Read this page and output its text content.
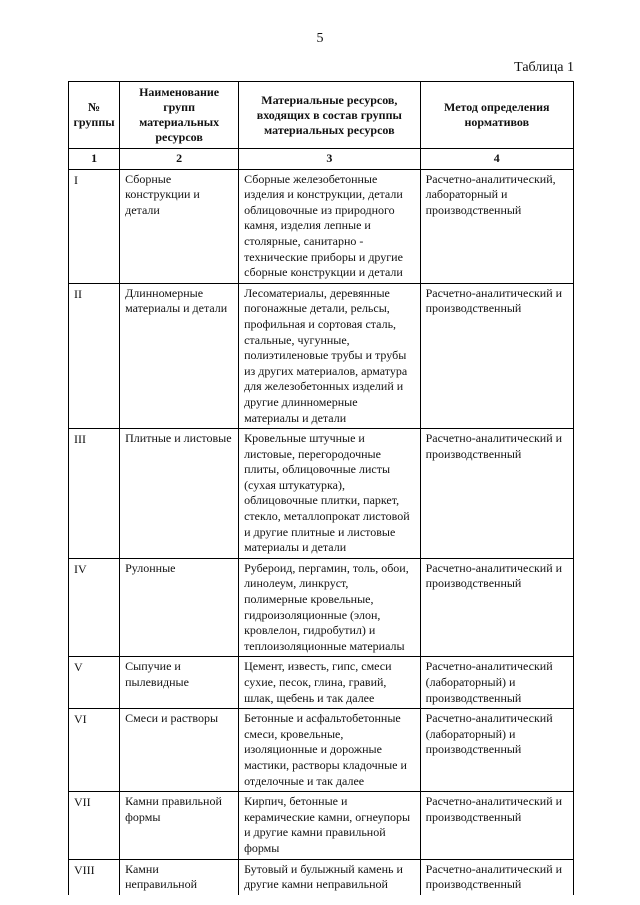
5
Таблица 1
№ группы	Наименование групп материальных ресурсов	Материальные ресурсов, входящих в состав группы материальных ресурсов	Метод определения нормативов
1	2	3	4
I	Сборные конструкции и детали	Сборные железобетонные изделия и конструкции, детали облицовочные из природного камня, изделия лепные и столярные, санитарно - технические приборы и другие сборные конструкции и детали	Расчетно-аналитический, лабораторный и производственный
II	Длинномерные материалы и детали	Лесоматериалы, деревянные погонажные детали, рельсы, профильная и сортовая сталь, стальные, чугунные, полиэтиленовые трубы и трубы из других материалов, арматура для железобетонных изделий и другие длинномерные материалы и детали	Расчетно-аналитический и производственный
III	Плитные и листовые	Кровельные штучные и листовые, перегородочные плиты, облицовочные листы (сухая штукатурка), облицовочные плитки, паркет, стекло, металлопрокат листовой и другие плитные и листовые материалы и детали	Расчетно-аналитический и производственный
IV	Рулонные	Рубероид, пергамин, толь, обои, линолеум, линкруст, полимерные кровельные, гидроизоляционные (элон, кровлелон, гидробутил) и теплоизоляционные материалы	Расчетно-аналитический и производственный
V	Сыпучие и пылевидные	Цемент, известь, гипс, смеси сухие, песок, глина, гравий, шлак, щебень и так далее	Расчетно-аналитический (лабораторный) и производственный
VI	Смеси и растворы	Бетонные и асфальтобетонные смеси, кровельные, изоляционные и дорожные мастики, растворы кладочные и отделочные и так далее	Расчетно-аналитический (лабораторный) и производственный
VII	Камни правильной формы	Кирпич, бетонные и керамические камни, огнеупоры и другие камни правильной формы	Расчетно-аналитический и производственный
VIII	Камни неправильной	Бутовый и булыжный камень и другие камни неправильной	Расчетно-аналитический и производственный
